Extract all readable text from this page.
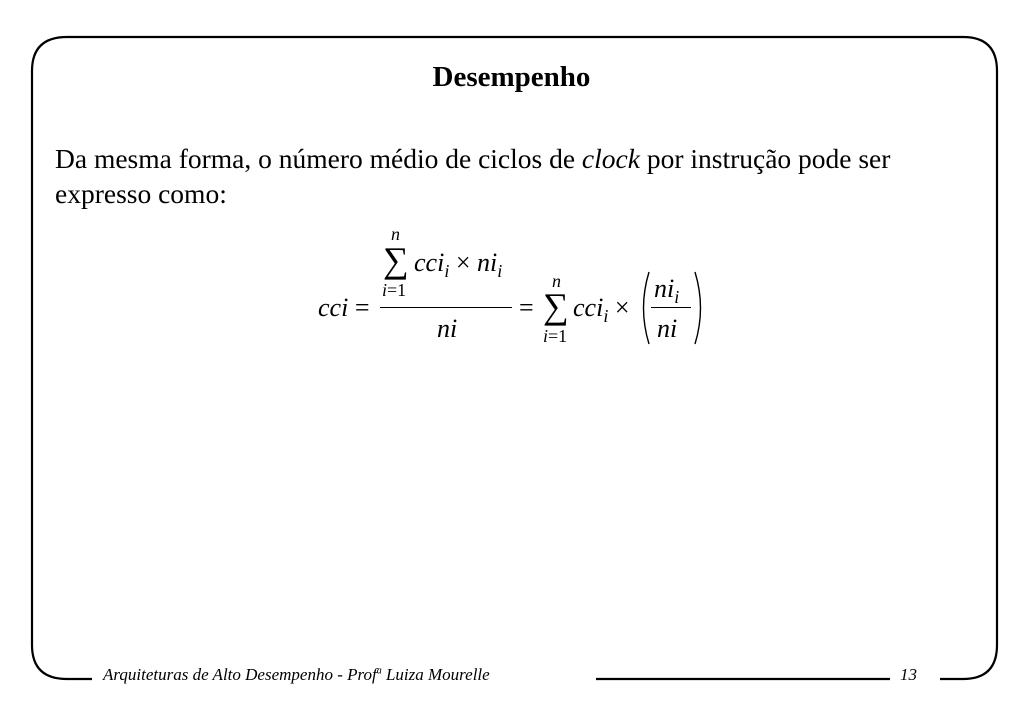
Desempenho
Da mesma forma, o número médio de ciclos de clock por instrução pode ser expresso como:
cci =
n
∑
i=1
$cci_i \times ni_i$
ni
=
n
∑
i=1
cci$_i$ ×
$ni_i$
ni
Arquiteturas de Alto Desempenho - Prof$^a$ Luiza Mourelle	13
